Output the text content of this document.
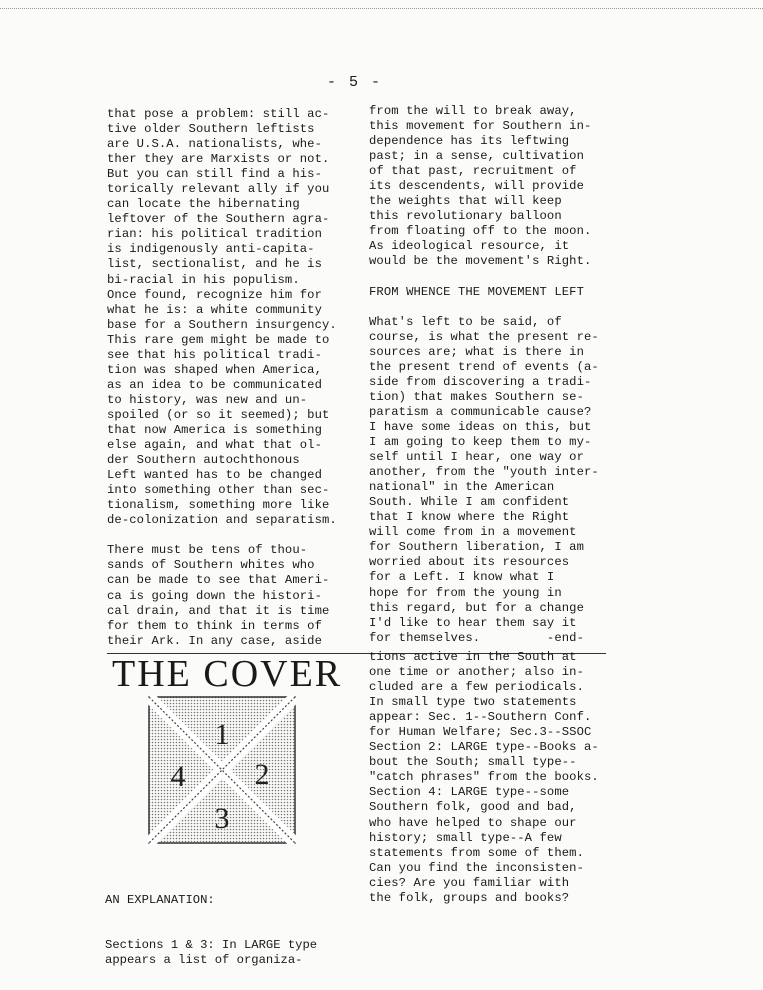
- 5 -
that pose a problem: still ac-
tive older Southern leftists
are U.S.A. nationalists, whe-
ther they are Marxists or not.
But you can still find a his-
torically relevant ally if you
can locate the hibernating
leftover of the Southern agra-
rian: his political tradition
is indigenously anti-capita-
list, sectionalist, and he is
bi-racial in his populism.
Once found, recognize him for
what he is: a white community
base for a Southern insurgency.
This rare gem might be made to
see that his political tradi-
tion was shaped when America,
as an idea to be communicated
to history, was new and un-
spoiled (or so it seemed); but
that now America is something
else again, and what that ol-
der Southern autochthonous
Left wanted has to be changed
into something other than sec-
tionalism, something more like
de-colonization and separatism.

There must be tens of thou-
sands of Southern whites who
can be made to see that Ameri-
ca is going down the histori-
cal drain, and that it is time
for them to think in terms of
their Ark. In any case, aside
from the will to break away,
this movement for Southern in-
dependence has its leftwing
past; in a sense, cultivation
of that past, recruitment of
its descendents, will provide
the weights that will keep
this revolutionary balloon
from floating off to the moon.
As ideological resource, it
would be the movement's Right.

FROM WHENCE THE MOVEMENT LEFT

What's left to be said, of
course, is what the present re-
sources are; what is there in
the present trend of events (a-
side from discovering a tradi-
tion) that makes Southern se-
paratism a communicable cause?
I have some ideas on this, but
I am going to keep them to my-
self until I hear, one way or
another, from the "youth inter-
national" in the American
South. While I am confident
that I know where the Right
will come from in a movement
for Southern liberation, I am
worried about its resources
for a Left. I know what I
hope for from the young in
this regard, but for a change
I'd like to hear them say it
for themselves.         -end-
THE COVER
1
2
3
4

AN EXPLANATION:

Sections 1 & 3: In LARGE type
appears a list of organiza-

tions active in the South at
one time or another; also in-
cluded are a few periodicals.
In small type two statements
appear: Sec. 1--Southern Conf.
for Human Welfare; Sec.3--SSOC
Section 2: LARGE type--Books a-
bout the South; small type--
"catch phrases" from the books.
Section 4: LARGE type--some
Southern folk, good and bad,
who have helped to shape our
history; small type--A few
statements from some of them.
Can you find the inconsisten-
cies? Are you familiar with
the folk, groups and books?
